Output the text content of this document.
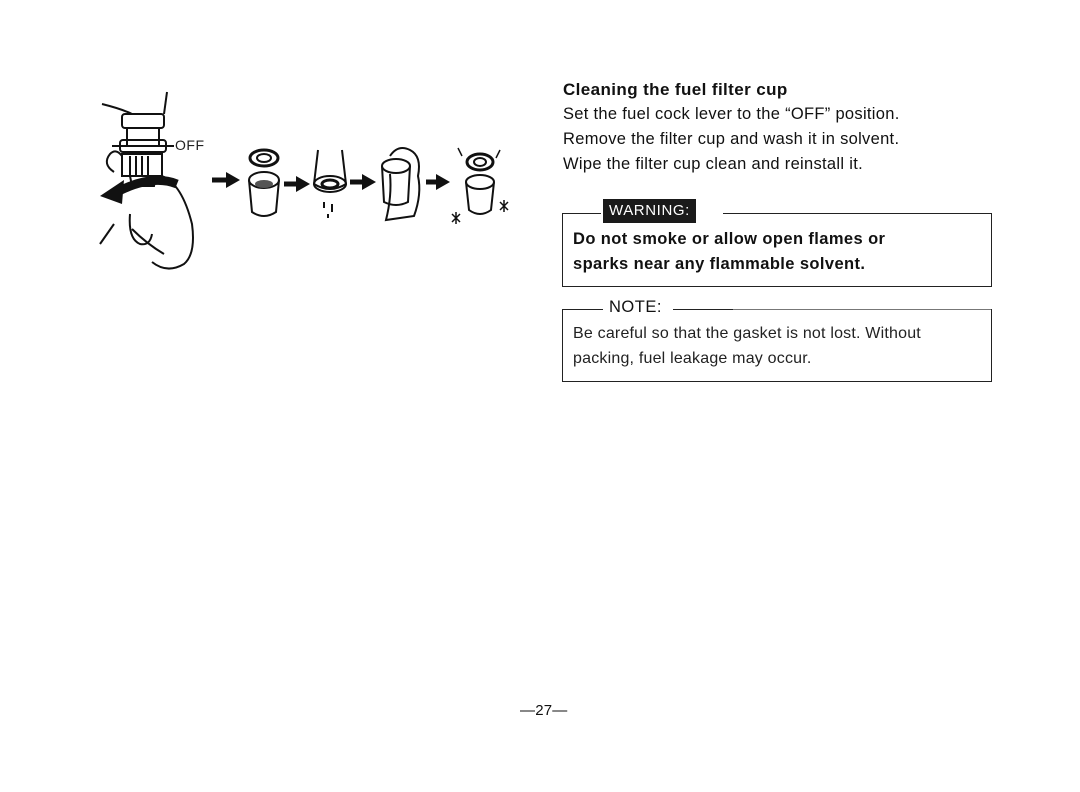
OFF
Cleaning the fuel filter cup
Set the fuel cock lever to the “OFF” position.
Remove the filter cup and wash it in solvent.
Wipe the filter cup clean and reinstall it.
WARNING:
Do not smoke or allow open flames or
sparks near any flammable solvent.
NOTE:
Be careful so that the gasket is not lost. Without
packing, fuel leakage may occur.
—27—
